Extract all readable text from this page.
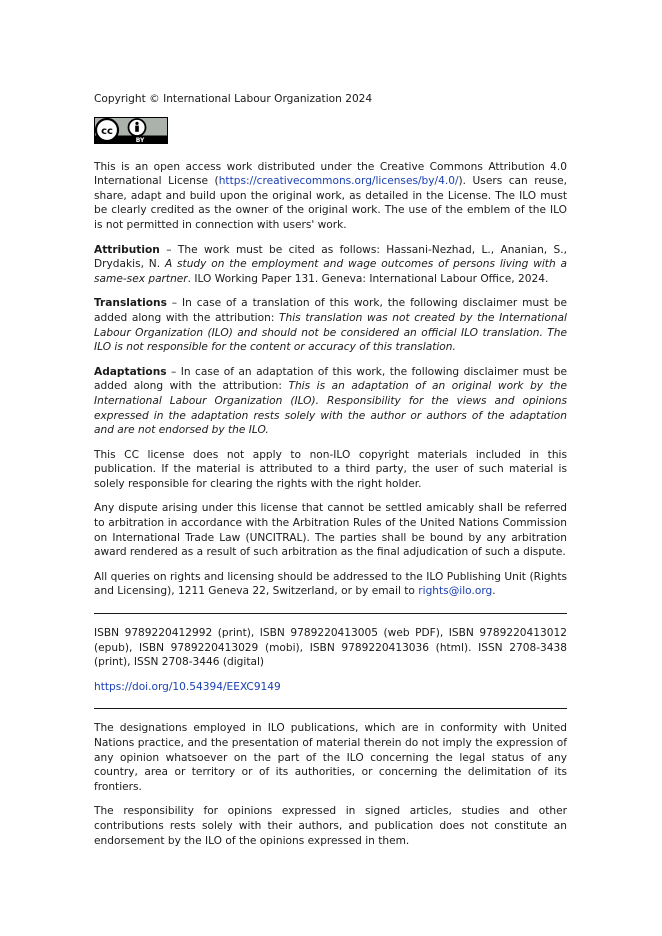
Copyright © International Labour Organization 2024

cc
BY

This is an open access work distributed under the Creative Commons Attribution 4.0 International License (https://creativecommons.org/licenses/by/4.0/). Users can reuse, share, adapt and build upon the original work, as detailed in the License. The ILO must be clearly credited as the owner of the original work. The use of the emblem of the ILO is not permitted in connection with users' work.

Attribution – The work must be cited as follows: Hassani-Nezhad, L., Ananian, S., Drydakis, N. A study on the employment and wage outcomes of persons living with a same-sex partner. ILO Working Paper 131. Geneva: International Labour Office, 2024.

Translations – In case of a translation of this work, the following disclaimer must be added along with the attribution: This translation was not created by the International Labour Organization (ILO) and should not be considered an official ILO translation. The ILO is not responsible for the content or accuracy of this translation.

Adaptations – In case of an adaptation of this work, the following disclaimer must be added along with the attribution: This is an adaptation of an original work by the International Labour Organization (ILO). Responsibility for the views and opinions expressed in the adaptation rests solely with the author or authors of the adaptation and are not endorsed by the ILO.

This CC license does not apply to non-ILO copyright materials included in this publication. If the material is attributed to a third party, the user of such material is solely responsible for clearing the rights with the right holder.

Any dispute arising under this license that cannot be settled amicably shall be referred to arbitration in accordance with the Arbitration Rules of the United Nations Commission on International Trade Law (UNCITRAL). The parties shall be bound by any arbitration award rendered as a result of such arbitration as the final adjudication of such a dispute.

All queries on rights and licensing should be addressed to the ILO Publishing Unit (Rights and Licensing), 1211 Geneva 22, Switzerland, or by email to rights@ilo.org.

ISBN 9789220412992 (print), ISBN 9789220413005 (web PDF), ISBN 9789220413012 (epub), ISBN 9789220413029 (mobi), ISBN 9789220413036 (html). ISSN 2708-3438 (print), ISSN 2708-3446 (digital)

https://doi.org/10.54394/EEXC9149

The designations employed in ILO publications, which are in conformity with United Nations practice, and the presentation of material therein do not imply the expression of any opinion whatsoever on the part of the ILO concerning the legal status of any country, area or territory or of its authorities, or concerning the delimitation of its frontiers.

The responsibility for opinions expressed in signed articles, studies and other contributions rests solely with their authors, and publication does not constitute an endorsement by the ILO of the opinions expressed in them.
